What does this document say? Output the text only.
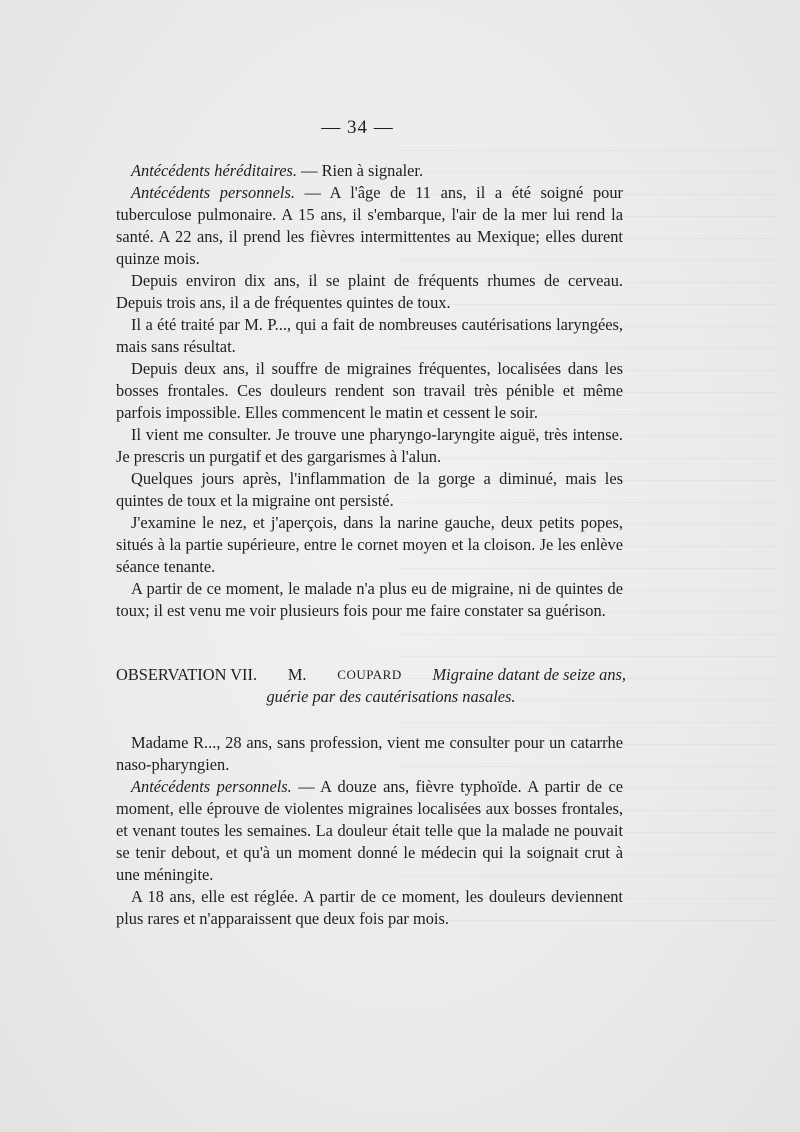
— 34 —

Antécédents héréditaires. — Rien à signaler.

Antécédents personnels. — A l'âge de 11 ans, il a été soigné pour tuberculose pulmonaire. A 15 ans, il s'embarque, l'air de la mer lui rend la santé. A 22 ans, il prend les fièvres intermittentes au Mexique; elles durent quinze mois.

Depuis environ dix ans, il se plaint de fréquents rhumes de cerveau. Depuis trois ans, il a de fréquentes quintes de toux.

Il a été traité par M. P..., qui a fait de nombreuses cautérisations laryngées, mais sans résultat.

Depuis deux ans, il souffre de migraines fréquentes, localisées dans les bosses frontales. Ces douleurs rendent son travail très pénible et même parfois impossible. Elles commencent le matin et cessent le soir.

Il vient me consulter. Je trouve une pharyngo-laryngite aiguë, très intense. Je prescris un purgatif et des gargarismes à l'alun.

Quelques jours après, l'inflammation de la gorge a diminué, mais les quintes de toux et la migraine ont persisté.

J'examine le nez, et j'aperçois, dans la narine gauche, deux petits popes, situés à la partie supérieure, entre le cornet moyen et la cloison. Je les enlève séance tenante.

A partir de ce moment, le malade n'a plus eu de migraine, ni de quintes de toux; il est venu me voir plusieurs fois pour me faire constater sa guérison.

OBSERVATION VII. M. COUPARD Migraine datant de seize ans,
guérie par des cautérisations nasales.

Madame R..., 28 ans, sans profession, vient me consulter pour un catarrhe naso-pharyngien.

Antécédents personnels. — A douze ans, fièvre typhoïde. A partir de ce moment, elle éprouve de violentes migraines localisées aux bosses frontales, et venant toutes les semaines. La douleur était telle que la malade ne pouvait se tenir debout, et qu'à un moment donné le médecin qui la soignait crut à une méningite.

A 18 ans, elle est réglée. A partir de ce moment, les douleurs deviennent plus rares et n'apparaissent que deux fois par mois.
